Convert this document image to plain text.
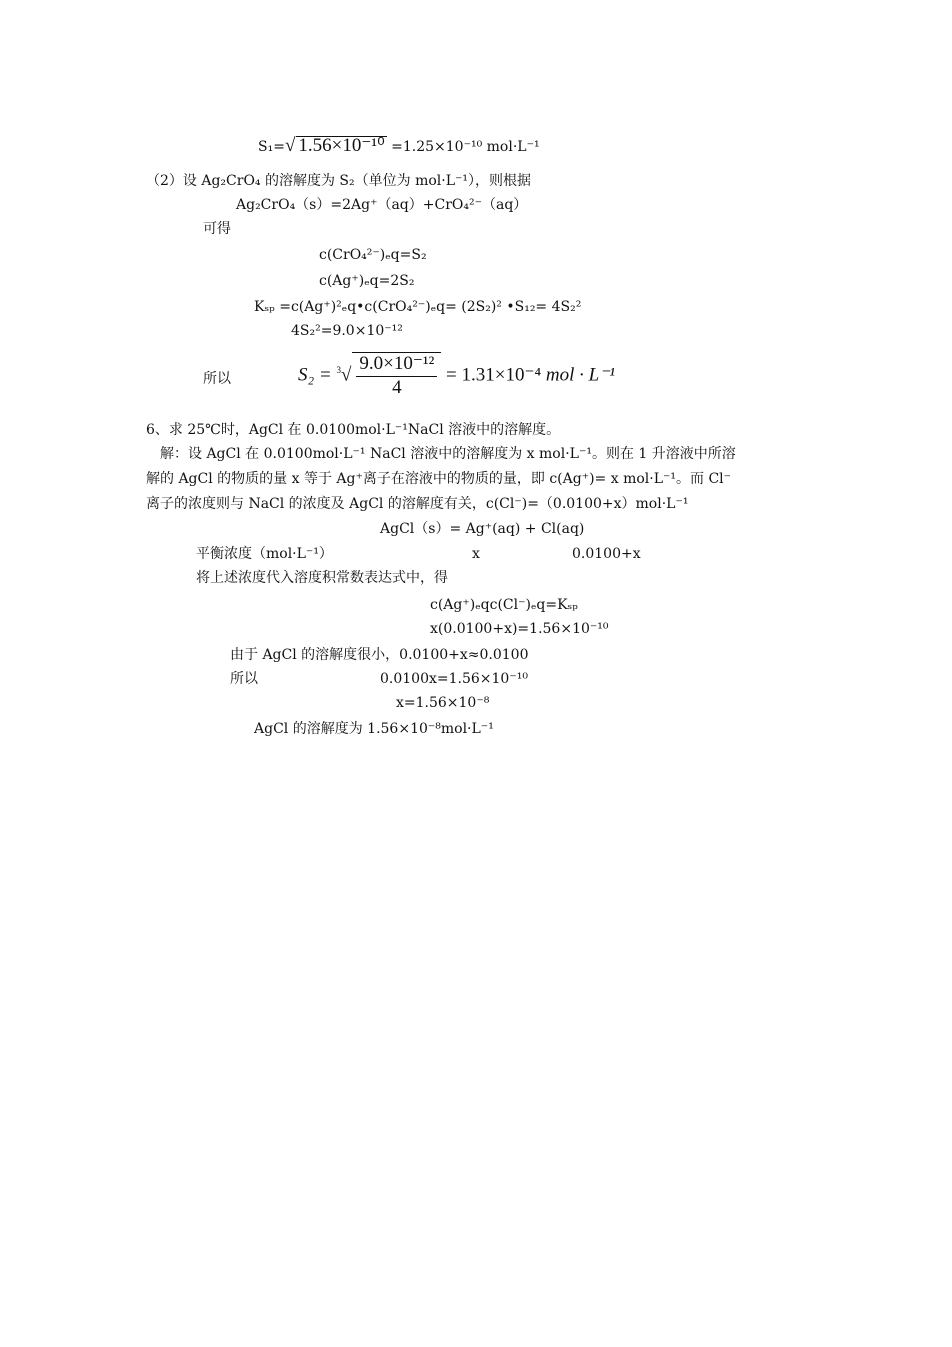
S₁=√ 1.56×10⁻¹⁰ =1.25×10⁻¹⁰ mol·L⁻¹
（2）设 Ag₂CrO₄ 的溶解度为 S₂（单位为 mol·L⁻¹），则根据
Ag₂CrO₄（s）=2Ag⁺（aq）+CrO₄²⁻（aq）
可得
c(CrO₄²⁻)ₑq=S₂
c(Ag⁺)ₑq=2S₂
Kₛₚ =c(Ag⁺)²ₑq•c(CrO₄²⁻)ₑq= (2S₂)² •S₁₂= 4S₂²
4S₂²=9.0×10⁻¹²
所以	$S_2 = ^3√ \frac{\text{9.0×10⁻¹²}}{4} = 1.31\times 10^{-4}$ mol · L⁻¹
6、求 25℃时，AgCl 在 0.0100mol·L⁻¹NaCl 溶液中的溶解度。
解：设 AgCl 在 0.0100mol·L⁻¹ NaCl 溶液中的溶解度为 x mol·L⁻¹。则在 1 升溶液中所溶
解的 AgCl 的物质的量 x 等于 Ag⁺离子在溶液中的物质的量，即 c(Ag⁺)= x mol·L⁻¹。而 Cl⁻
离子的浓度则与 NaCl 的浓度及 AgCl 的溶解度有关，c(Cl⁻)=（0.0100+x）mol·L⁻¹
AgCl（s）= Ag⁺(aq) + Cl(aq)
平衡浓度（mol·L⁻¹）	x	0.0100+x
将上述浓度代入溶度积常数表达式中，得
c(Ag⁺)ₑqc(Cl⁻)ₑq=Kₛₚ
x(0.0100+x)=1.56×10⁻¹⁰
由于 AgCl 的溶解度很小，0.0100+x≈0.0100
所以	0.0100x=1.56×10⁻¹⁰
x=1.56×10⁻⁸
AgCl 的溶解度为 1.56×10⁻⁸mol·L⁻¹
